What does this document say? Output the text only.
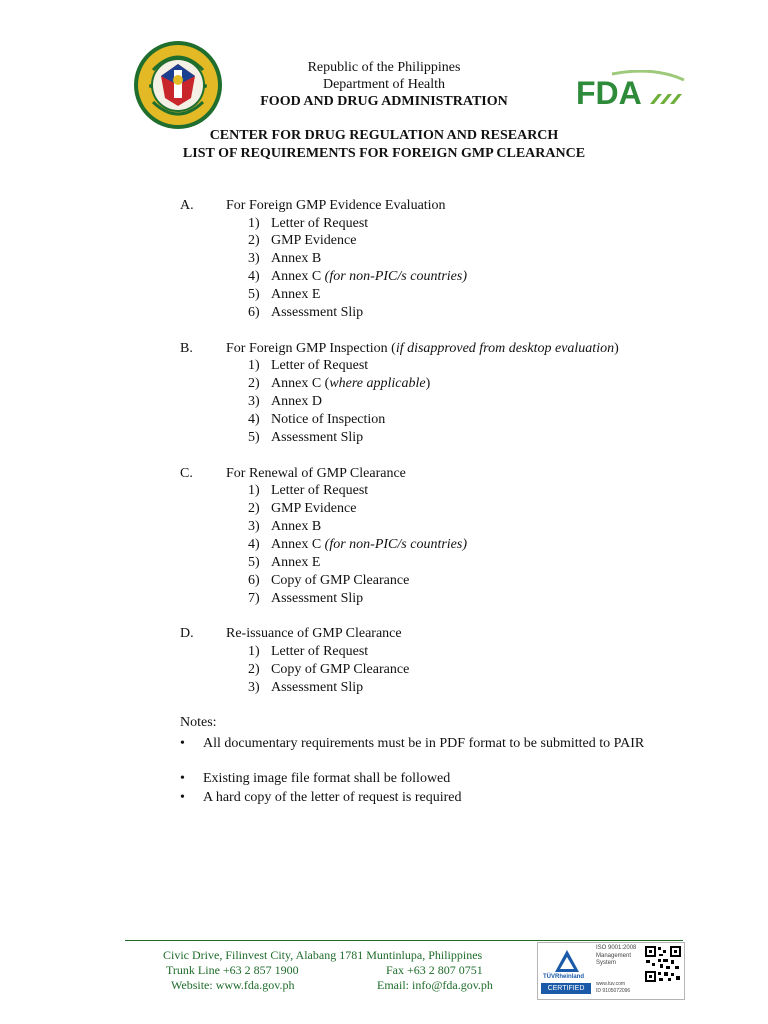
Republic of the Philippines
Department of Health
FOOD AND DRUG ADMINISTRATION	FDA
CENTER FOR DRUG REGULATION AND RESEARCH
LIST OF REQUIREMENTS FOR FOREIGN GMP CLEARANCE
A. For Foreign GMP Evidence Evaluation
1) Letter of Request
2) GMP Evidence
3) Annex B
4) Annex C (for non-PIC/s countries)
5) Annex E
6) Assessment Slip
B. For Foreign GMP Inspection (if disapproved from desktop evaluation)
1) Letter of Request
2) Annex C (where applicable)
3) Annex D
4) Notice of Inspection
5) Assessment Slip
C. For Renewal of GMP Clearance
1) Letter of Request
2) GMP Evidence
3) Annex B
4) Annex C (for non-PIC/s countries)
5) Annex E
6) Copy of GMP Clearance
7) Assessment Slip
D. Re-issuance of GMP Clearance
1) Letter of Request
2) Copy of GMP Clearance
3) Assessment Slip
Notes:
• All documentary requirements must be in PDF format to be submitted to PAIR
• Existing image file format shall be followed
• A hard copy of the letter of request is required
Civic Drive, Filinvest City, Alabang 1781 Muntinlupa, Philippines
Trunk Line +63 2 857 1900	Fax +63 2 807 0751
Website: www.fda.gov.ph	Email: info@fda.gov.ph
TÜVRheinland
CERTIFIED
ISO 9001:2008
Management
System
www.tuv.com
ID 9105072096
